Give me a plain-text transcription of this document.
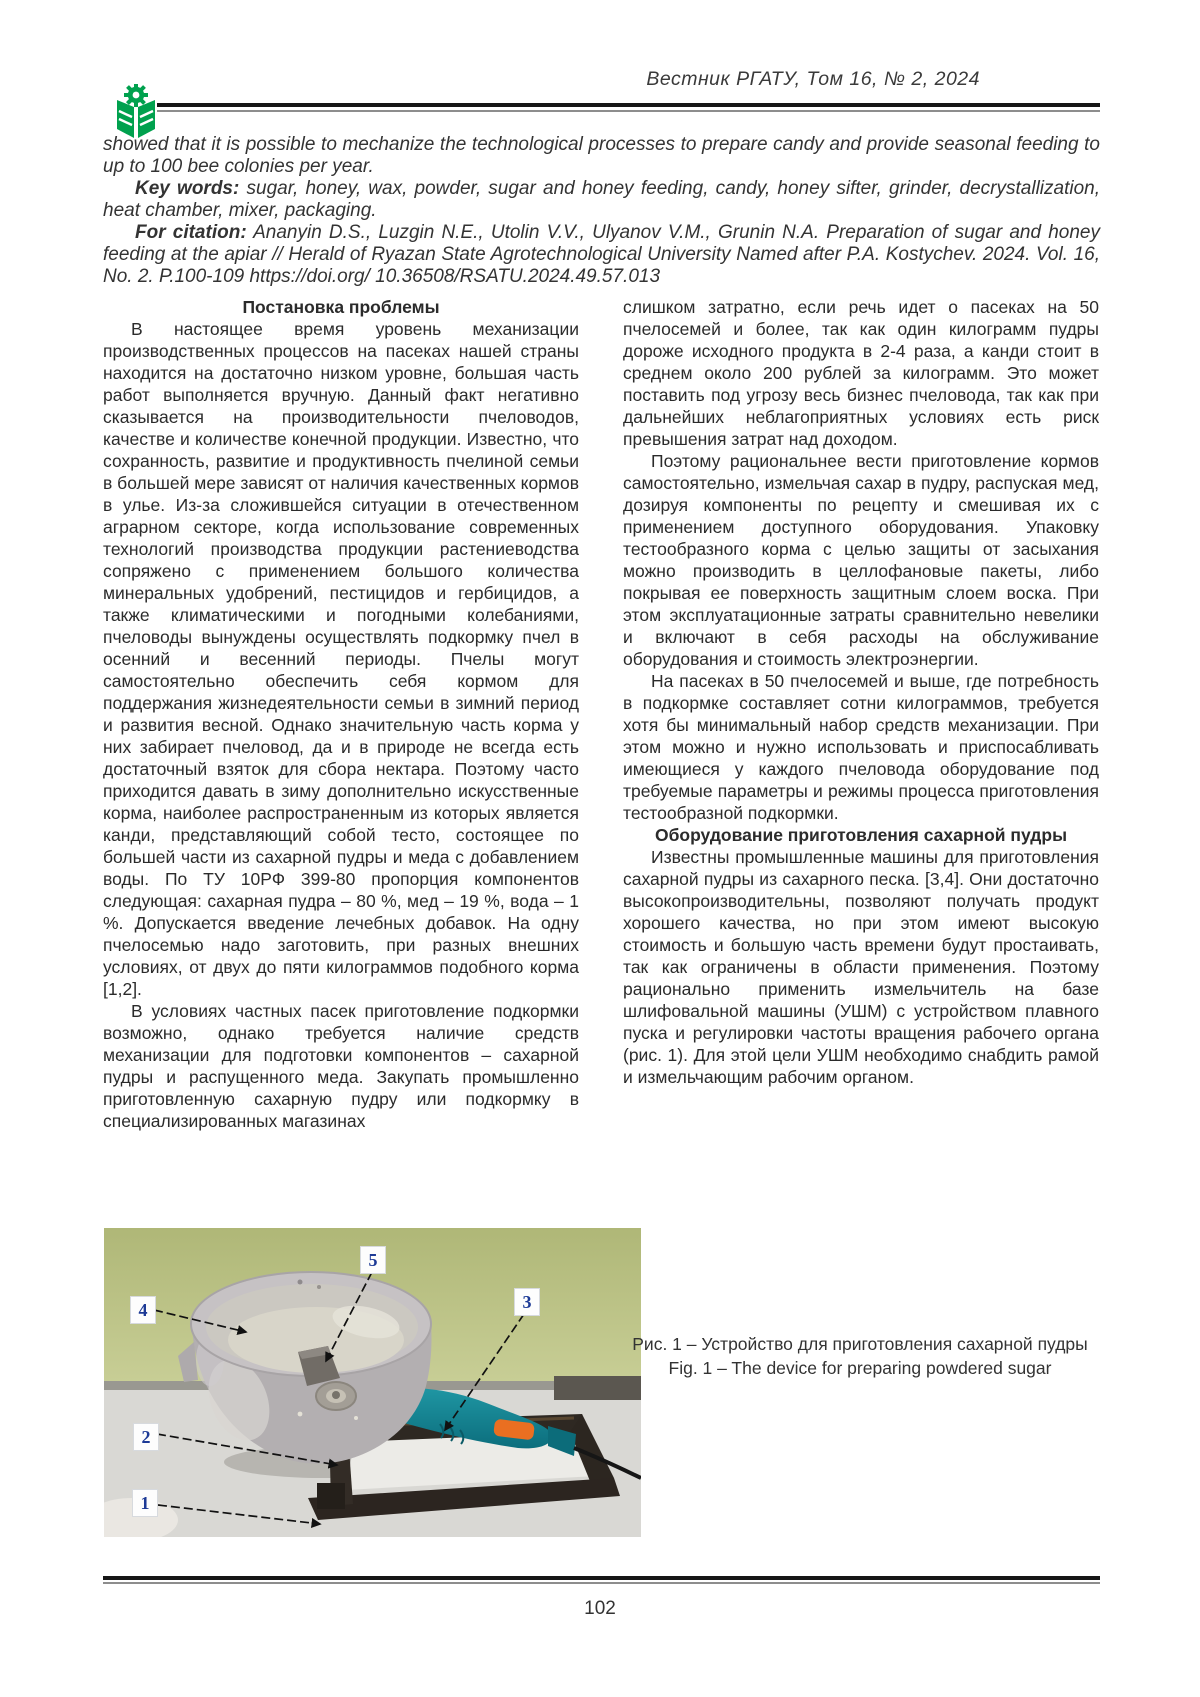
Вестник РГАТУ, Том 16, № 2, 2024

showed that it is possible to mechanize the technological processes to prepare candy and provide seasonal feeding to up to 100 bee colonies per year.

Key words: sugar, honey, wax, powder, sugar and honey feeding, candy, honey sifter, grinder, decrystallization, heat chamber, mixer, packaging.

For citation: Ananyin D.S., Luzgin N.E., Utolin V.V., Ulyanov V.M., Grunin N.A. Preparation of sugar and honey feeding at the apiar // Herald of Ryazan State Agrotechnological University Named after P.A. Kostychev. 2024. Vol. 16, No. 2. P.100-109 https://doi.org/ 10.36508/RSATU.2024.49.57.013

Постановка проблемы

В настоящее время уровень механизации производственных процессов на пасеках нашей страны находится на достаточно низком уровне, большая часть работ выполняется вручную. Данный факт негативно сказывается на производительности пчеловодов, качестве и количестве конечной продукции. Известно, что сохранность, развитие и продуктивность пчелиной семьи в большей мере зависят от наличия качественных кормов в улье. Из-за сложившейся ситуации в отечественном аграрном секторе, когда использование современных технологий производства продукции растениеводства сопряжено с применением большого количества минеральных удобрений, пестицидов и гербицидов, а также климатическими и погодными колебаниями, пчеловоды вынуждены осуществлять подкормку пчел в осенний и весенний периоды. Пчелы могут самостоятельно обеспечить себя кормом для поддержания жизнедеятельности семьи в зимний период и развития весной. Однако значительную часть корма у них забирает пчеловод, да и в природе не всегда есть достаточный взяток для сбора нектара. Поэтому часто приходится давать в зиму дополнительно искусственные корма, наиболее распространенным из которых является канди, представляющий собой тесто, состоящее по большей части из сахарной пудры и меда с добавлением воды. По ТУ 10РФ 399-80 пропорция компонентов следующая: сахарная пудра – 80 %, мед – 19 %, вода – 1 %. Допускается введение лечебных добавок. На одну пчелосемью надо заготовить, при разных внешних условиях, от двух до пяти килограммов подобного корма [1,2].

В условиях частных пасек приготовление подкормки возможно, однако требуется наличие средств механизации для подготовки компонентов – сахарной пудры и распущенного меда. Закупать промышленно приготовленную сахарную пудру или подкормку в специализированных магазинах

слишком затратно, если речь идет о пасеках на 50 пчелосемей и более, так как один килограмм пудры дороже исходного продукта в 2-4 раза, а канди стоит в среднем около 200 рублей за килограмм. Это может поставить под угрозу весь бизнес пчеловода, так как при дальнейших неблагоприятных условиях есть риск превышения затрат над доходом.

Поэтому рациональнее вести приготовление кормов самостоятельно, измельчая сахар в пудру, распуская мед, дозируя компоненты по рецепту и смешивая их с применением доступного оборудования. Упаковку тестообразного корма с целью защиты от засыхания можно производить в целлофановые пакеты, либо покрывая ее поверхность защитным слоем воска. При этом эксплуатационные затраты сравнительно невелики и включают в себя расходы на обслуживание оборудования и стоимость электроэнергии.

На пасеках в 50 пчелосемей и выше, где потребность в подкормке составляет сотни килограммов, требуется хотя бы минимальный набор средств механизации. При этом можно и нужно использовать и приспосабливать имеющиеся у каждого пчеловода оборудование под требуемые параметры и режимы процесса приготовления тестообразной подкормки.

Оборудование приготовления сахарной пудры

Известны промышленные машины для приготовления сахарной пудры из сахарного песка. [3,4]. Они достаточно высокопроизводительны, позволяют получать продукт хорошего качества, но при этом имеют высокую стоимость и большую часть времени будут простаивать, так как ограничены в области применения. Поэтому рационально применить измельчитель на базе шлифовальной машины (УШМ) с устройством плавного пуска и регулировки частоты вращения рабочего органа (рис. 1). Для этой цели УШМ необходимо снабдить рамой и измельчающим рабочим органом.

1
2
3
4
5

Рис. 1 – Устройство для приготовления сахарной пудры

Fig. 1 – The device for preparing powdered sugar

102
